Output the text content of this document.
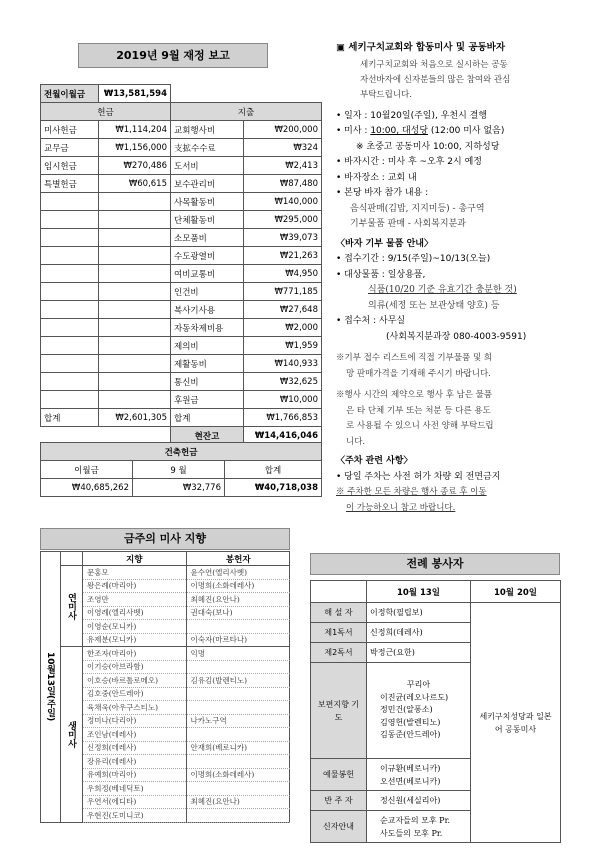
2019년 9월 재정 보고
전월이월금	₩13,581,594		
헌금		지출	
미사헌금	₩1,114,204	교회행사비	₩200,000
교무금	₩1,156,000	支拡수수료	₩324
임시헌금	₩270,486	도서비	₩2,413
특별헌금	₩60,615	보수관리비	₩87,480
		사목활동비	₩140,000
		단체활동비	₩295,000
		소모품비	₩39,073
		수도광열비	₩21,263
		여비교통비	₩4,950
		인건비	₩771,185
		복사기사용	₩27,648
		자동차제비용	₩2,000
		제의비	₩1,959
		제활동비	₩140,933
		통신비	₩32,625
		후원금	₩10,000
합계	₩2,601,305	합계	₩1,766,853
		현잔고	₩14,416,046
건축헌금		
이월금	9 월	합계
₩40,685,262	₩32,776	₩40,718,038
▣ 세키구치교회와 합동미사 및 공동바자
세키구치교회와 처음으로 실시하는 공동
자선바자에 신자분들의 많은 참여와 관심
부탁드립니다.
• 일자 : 10월20일(주일), 우천시 결행
• 미사 : 10:00, 대성당 (12:00 미사 없음)
※ 초중고 공동미사 10:00, 지하성당
• 바자시간 : 미사 후 ~오후 2시 예정
• 바자장소 : 교회 내
• 본당 바자 참가 내용 :
음식판매(김밥, 지지미등) - 총구역
기부물품 판매 - 사회복지분과
〈바자 기부 물품 안내〉
• 접수기간 : 9/15(주일)~10/13(오늘)
• 대상물품 : 일상용품,
식품(10/20 기준 유효기간 충분한 것)
의류(세정 또는 보관상태 양호) 등
• 접수처 : 사무실
(사회복지분과장 080-4003-9591)
※기부 접수 리스트에 직접 기부물품 및 희
망 판매가격을 기재해 주시기 바랍니다.
※행사 시간의 제약으로 행사 후 남은 물품
은 타 단체 기부 또는 처분 등 다른 용도
로 사용될 수 있으니 사전 양해 부탁드립
니다.
〈주차 관련 사항〉
• 당일 주차는 사전 허가 차량 외 전면금지
※ 주차한 모든 차량은 행사 종료 후 이동
이 가능하오니 참고 바랍니다.
금주의 미사 지향
10월13일(주일)
연미사
생미사
지향	봉헌자
문홍모	윤수연(엘리사벳)
왕은례(마리아)	이명희(소화데레사)
조영만	최혜진(요안나)
이영례(엘리사벳)	권대숙(보나)
이영순(모니카)	
유제분(모니카)	이숙자(마르타나)
한조자(마리아)	익명
이기승(아브라함)	
이호승(바르톨로메오)	김유김(발렌티노)
김호중(안드레아)	
육채욱(아우구스티노)	
정미나(다리아)	나카노구역
조인남(데레사)	
신정희(데레사)	안재희(베로니카)
장유리(데레사)	
유예희(마리아)	이명희(소화데레사)
우희정(베네딕토)	
우연서(에디타)	최혜진(요안나)
우현진(도미니코)	
전례 봉사자
	10월 13일	10월 20일
해 설 자	이정학(필립보)	세키구치성당과 일본어 공동미사
제1독서	신정희(데레사)	
제2독서	박정근(요한)	
보편지향 기 도	꾸리아
이진균(레오나르도)
정민건(알퐁소)
김영헌(발렌티노)
김동준(안드레아)	

예물봉헌	이규환(베로니카)
오선면(베로니카)	

반 주 자	정신원(세실리아)	
신자안내	순교자들의 모후 Pr.
사도들의 모후 Pr.	
